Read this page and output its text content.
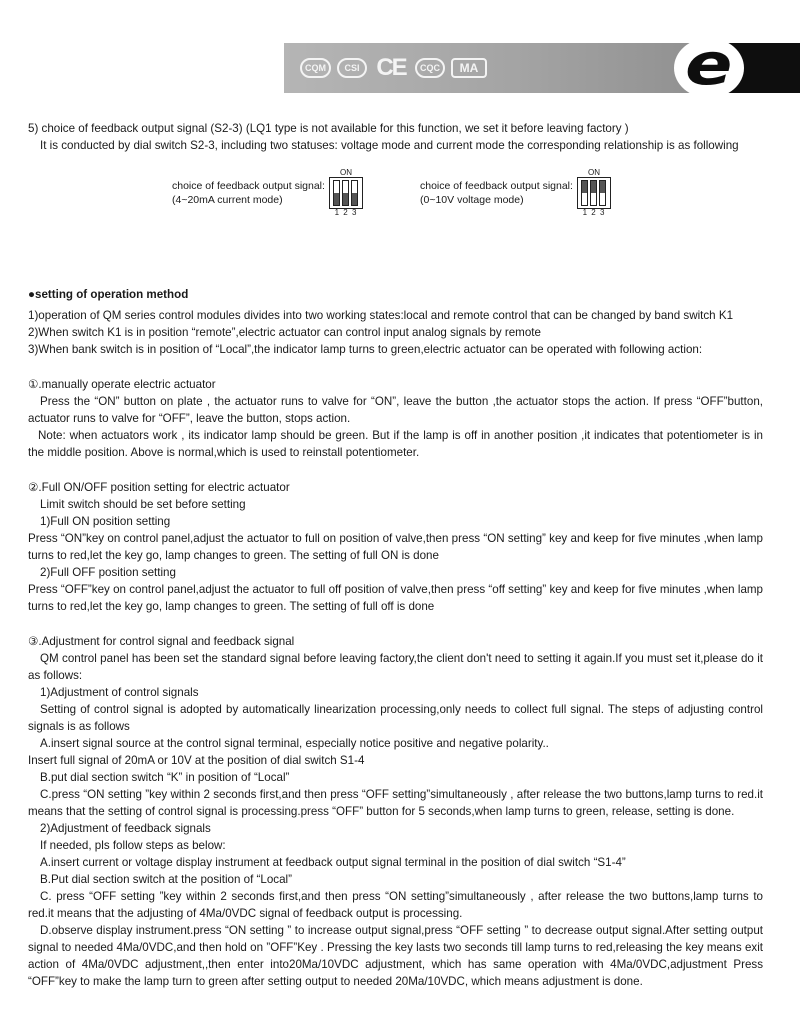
CQM	CSI CE	CQC	MA	e

5) choice of feedback output signal (S2-3) (LQ1 type is not available for this function, we set it before leaving factory )

It is conducted by dial switch S2-3, including two statuses: voltage mode and current mode the corresponding relationship is as following

choice of feedback output signal:
(4~20mA current mode)
ON
1 2 3
choice of feedback output signal:
(0~10V voltage mode)
ON
1 2 3

●setting of operation method

1)operation of QM series control modules divides into two working states:local and remote control that can be changed by band switch K1

2)When switch K1 is in position “remote”,electric actuator can control input analog signals by remote

3)When bank switch is in position of “Local”,the indicator lamp turns to green,electric actuator can be operated with following action:

①.manually operate electric actuator

Press the “ON” button on plate , the actuator runs to valve for “ON”, leave the button ,the actuator stops the action. If press “OFF”button, actuator runs to valve for “OFF”, leave the button, stops action.

Note: when actuators work , its indicator lamp should be green. But if the lamp is off in another position ,it indicates that potentiometer is in the middle position. Above is normal,which is used to reinstall potentiometer.

②.Full ON/OFF position setting for electric actuator

Limit switch should be set before setting

1)Full ON position setting

Press “ON”key on control panel,adjust the actuator to full on position of valve,then press “ON setting” key and keep for five minutes ,when lamp turns to red,let the key go, lamp changes to green. The setting of full ON is done

2)Full OFF position setting

Press “OFF”key on control panel,adjust the actuator to full off position of valve,then press “off setting” key and keep for five minutes ,when lamp turns to red,let the key go, lamp changes to green. The setting of full off is done

③.Adjustment for control signal and feedback signal

QM control panel has been set the standard signal before leaving factory,the client don't need to setting it again.If you must set it,please do it as follows:

1)Adjustment of control signals

Setting of control signal is adopted by automatically linearization processing,only needs to collect full signal. The steps of adjusting control signals is as follows

A.insert signal source at the control signal terminal, especially notice positive and negative polarity..

Insert full signal of 20mA or 10V at the position of dial switch S1-4

B.put dial section switch “K” in position of “Local”

C.press “ON setting ”key within 2 seconds first,and then press “OFF setting”simultaneously , after release the two buttons,lamp turns to red.it means that the setting of control signal is processing.press “OFF” button for 5 seconds,when lamp turns to green, release, setting is done.

2)Adjustment of feedback signals

If needed, pls follow steps as below:

A.insert current or voltage display instrument at feedback output signal terminal in the position of dial switch “S1-4”

B.Put dial section switch at the position of “Local”

C. press “OFF setting ”key within 2 seconds first,and then press “ON setting”simultaneously , after release the two buttons,lamp turns to red.it means that the adjusting of 4Ma/0VDC signal of feedback output is processing.

D.observe display instrument.press “ON setting ” to increase output signal,press “OFF setting ” to decrease output signal.After setting output signal to needed 4Ma/0VDC,and then hold on ”OFF”Key . Pressing the key lasts two seconds till lamp turns to red,releasing the key means exit action of 4Ma/0VDC adjustment,,then enter into20Ma/10VDC adjustment, which has same operation with 4Ma/0VDC,adjustment Press “OFF”key to make the lamp turn to green after setting output to needed 20Ma/10VDC, which means adjustment is done.
